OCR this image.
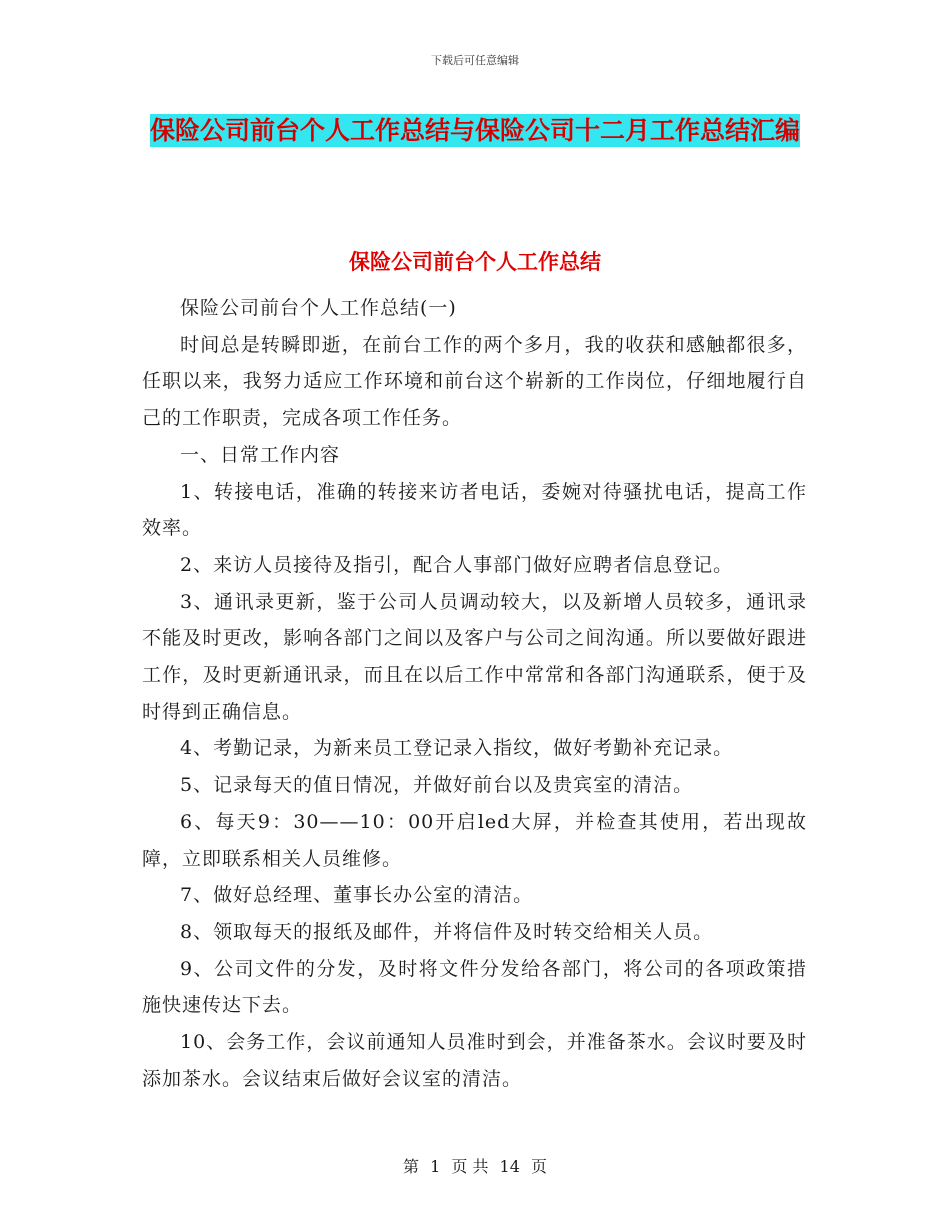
下载后可任意编辑
保险公司前台个人工作总结与保险公司十二月工作总结汇编
保险公司前台个人工作总结

保险公司前台个人工作总结(一)

时间总是转瞬即逝，在前台工作的两个多月，我的收获和感触都很多，任职以来，我努力适应工作环境和前台这个崭新的工作岗位，仔细地履行自己的工作职责，完成各项工作任务。

一、日常工作内容

1、转接电话，准确的转接来访者电话，委婉对待骚扰电话，提高工作效率。

2、来访人员接待及指引，配合人事部门做好应聘者信息登记。

3、通讯录更新，鉴于公司人员调动较大，以及新增人员较多，通讯录不能及时更改，影响各部门之间以及客户与公司之间沟通。所以要做好跟进工作，及时更新通讯录，而且在以后工作中常常和各部门沟通联系，便于及时得到正确信息。

4、考勤记录，为新来员工登记录入指纹，做好考勤补充记录。

5、记录每天的值日情况，并做好前台以及贵宾室的清洁。

6、每天9：30——10：00开启led大屏，并检查其使用，若出现故障，立即联系相关人员维修。

7、做好总经理、董事长办公室的清洁。

8、领取每天的报纸及邮件，并将信件及时转交给相关人员。

9、公司文件的分发，及时将文件分发给各部门，将公司的各项政策措施快速传达下去。

10、会务工作，会议前通知人员准时到会，并准备茶水。会议时要及时添加茶水。会议结束后做好会议室的清洁。

第 1 页 共 14 页
